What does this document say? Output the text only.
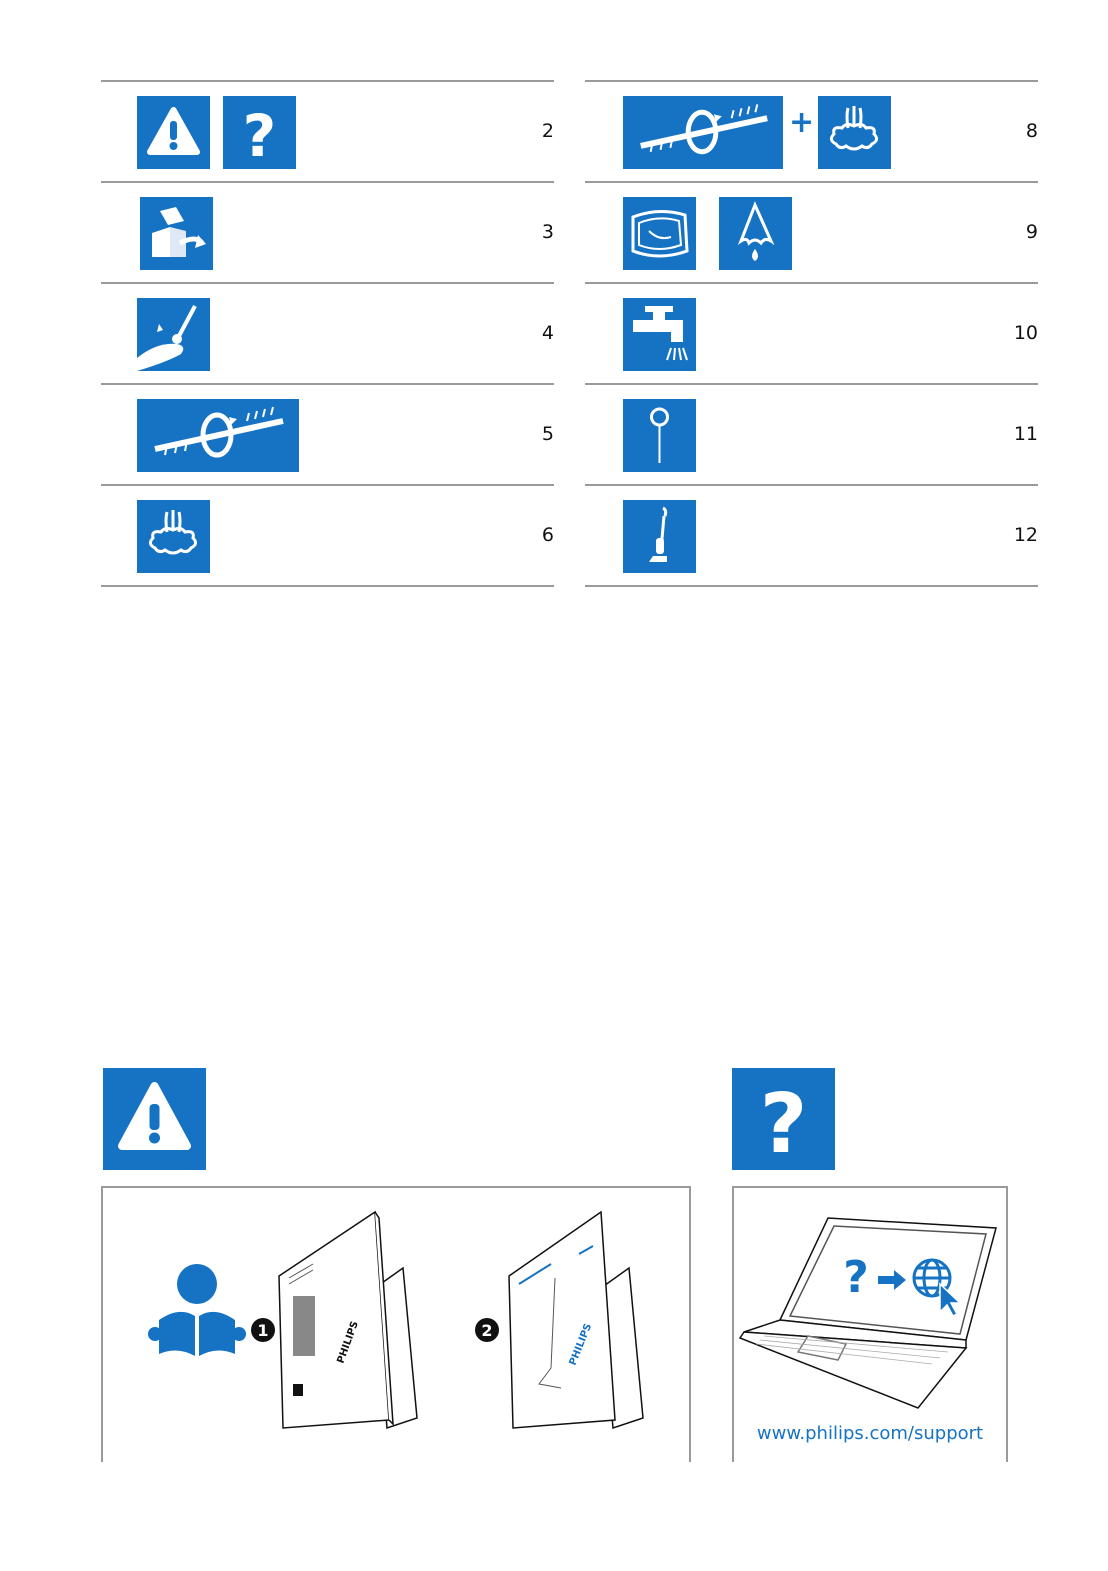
?	2
3
4
5
6
+	8
9
10
11
12
?
1	PHILIPS	2	PHILIPS
?
www.philips.com/support
